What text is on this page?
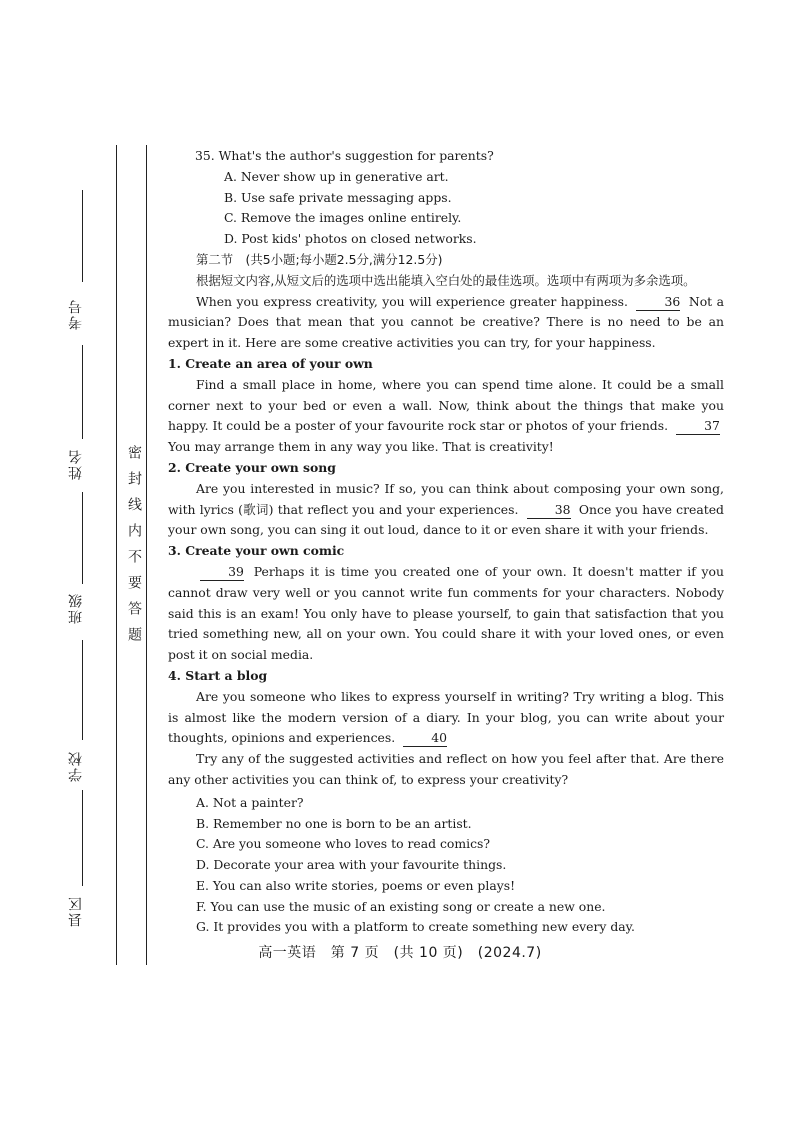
考号
姓名
班级
学校
县区
密封线内不要答题

35. What's the author's suggestion for parents?

A. Never show up in generative art.

B. Use safe private messaging apps.

C. Remove the images online entirely.

D. Post kids' photos on closed networks.

第二节　(共5小题;每小题2.5分,满分12.5分)

根据短文内容,从短文后的选项中选出能填入空白处的最佳选项。选项中有两项为多余选项。

When you express creativity, you will experience greater happiness.	36 Not a musician? Does that mean that you cannot be creative? There is no need to be an expert in it. Here are some creative activities you can try, for your happiness.

1. Create an area of your own

Find a small place in home, where you can spend time alone. It could be a small corner next to your bed or even a wall. Now, think about the things that make you happy. It could be a poster of your favourite rock star or photos of your friends.	37 You may arrange them in any way you like. That is creativity!

2. Create your own song

Are you interested in music? If so, you can think about composing your own song, with lyrics (歌词) that reflect you and your experiences.	38 Once you have created your own song, you can sing it out loud, dance to it or even share it with your friends.

3. Create your own comic

39 Perhaps it is time you created one of your own. It doesn't matter if you cannot draw very well or you cannot write fun comments for your characters. Nobody said this is an exam! You only have to please yourself, to gain that satisfaction that you tried something new, all on your own. You could share it with your loved ones, or even post it on social media.

4. Start a blog

Are you someone who likes to express yourself in writing? Try writing a blog. This is almost like the modern version of a diary. In your blog, you can write about your thoughts, opinions and experiences.	40

Try any of the suggested activities and reflect on how you feel after that. Are there any other activities you can think of, to express your creativity?

A. Not a painter?

B. Remember no one is born to be an artist.

C. Are you someone who loves to read comics?

D. Decorate your area with your favourite things.

E. You can also write stories, poems or even plays!

F. You can use the music of an existing song or create a new one.

G. It provides you with a platform to create something new every day.

高一英语　第 7 页　(共 10 页)　(2024.7)
